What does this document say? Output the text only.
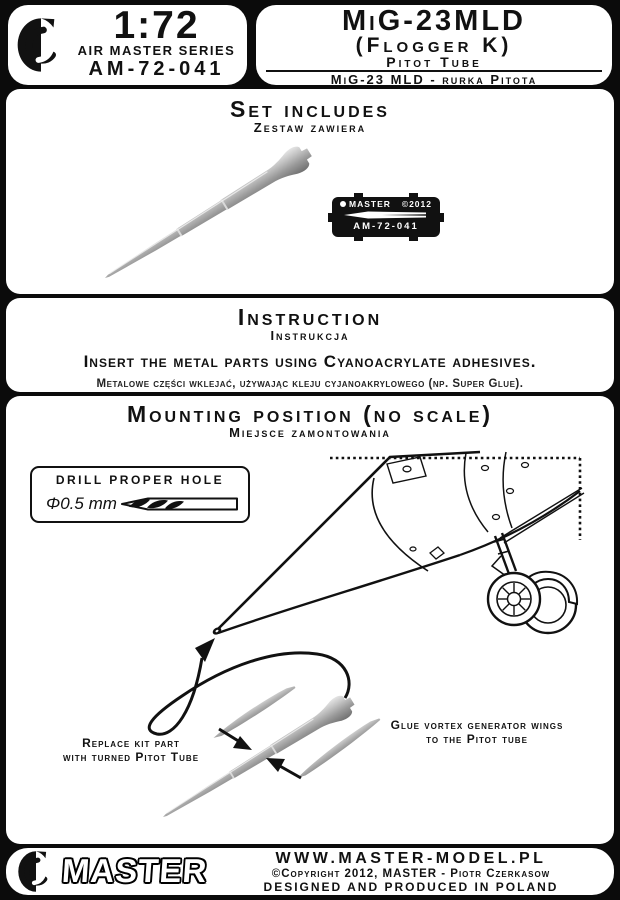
1:72
AIR MASTER SERIES
AM-72-041
MiG-23MLD
(Flogger K)
Pitot Tube
MiG-23 MLD - rurka Pitota
Set includes
Zestaw zawiera
MASTER ©2012
AM-72-041
Instruction
Instrukcja
Insert the metal parts using Cyanoacrylate adhesives.
Metalowe części wklejać, używając kleju cyjanoakrylowego (np. Super Glue).
Mounting position (no scale)
Miejsce zamontowania
DRILL PROPER HOLE
Φ0.5 mm
Replace kit part
with turned Pitot Tube
Glue vortex generator wings
to the Pitot tube
MASTER	WWW.MASTER-MODEL.PL
©Copyright 2012, MASTER - Piotr Czerkasow
DESIGNED AND PRODUCED IN POLAND
